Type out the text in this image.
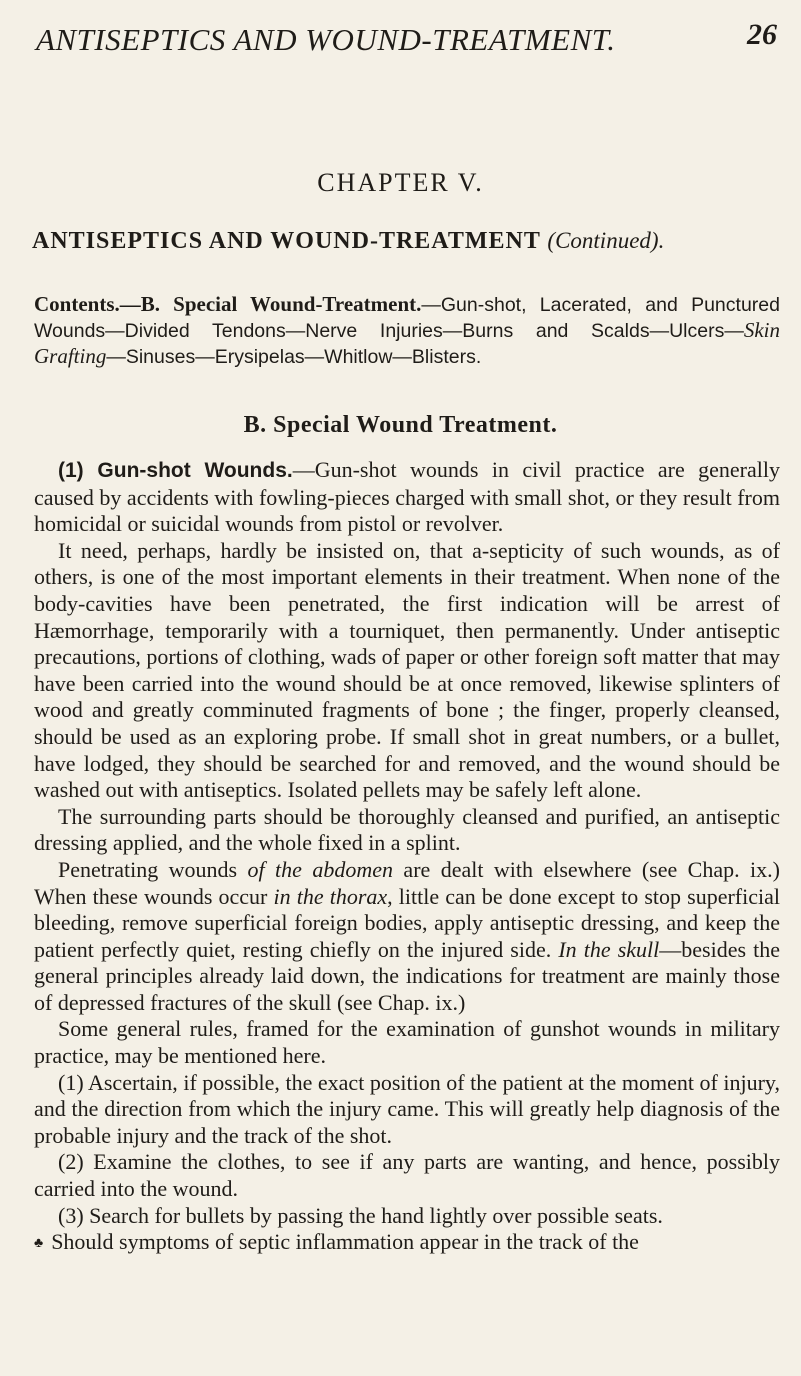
ANTISEPTICS AND WOUND-TREATMENT.	26
CHAPTER V.
ANTISEPTICS AND WOUND-TREATMENT (Continued).
Contents.—B. Special Wound-Treatment.—Gun-shot, Lacerated, and Punctured Wounds—Divided Tendons—Nerve Injuries—Burns and Scalds—Ulcers—Skin Grafting—Sinuses—Erysipelas—Whitlow—Blisters.
B. Special Wound Treatment.

(1) Gun-shot Wounds.—Gun-shot wounds in civil practice are generally caused by accidents with fowling-pieces charged with small shot, or they result from homicidal or suicidal wounds from pistol or revolver.

It need, perhaps, hardly be insisted on, that a-septicity of such wounds, as of others, is one of the most important elements in their treatment. When none of the body-cavities have been penetrated, the first indication will be arrest of Hæmorrhage, temporarily with a tourniquet, then permanently. Under antiseptic precautions, portions of clothing, wads of paper or other foreign soft matter that may have been carried into the wound should be at once removed, likewise splinters of wood and greatly comminuted fragments of bone ; the finger, properly cleansed, should be used as an exploring probe. If small shot in great numbers, or a bullet, have lodged, they should be searched for and removed, and the wound should be washed out with antiseptics. Isolated pellets may be safely left alone.

The surrounding parts should be thoroughly cleansed and purified, an antiseptic dressing applied, and the whole fixed in a splint.

Penetrating wounds of the abdomen are dealt with elsewhere (see Chap. ix.) When these wounds occur in the thorax, little can be done except to stop superficial bleeding, remove superficial foreign bodies, apply antiseptic dressing, and keep the patient perfectly quiet, resting chiefly on the injured side. In the skull—besides the general principles already laid down, the indications for treatment are mainly those of depressed fractures of the skull (see Chap. ix.)

Some general rules, framed for the examination of gunshot wounds in military practice, may be mentioned here.

(1) Ascertain, if possible, the exact position of the patient at the moment of injury, and the direction from which the injury came. This will greatly help diagnosis of the probable injury and the track of the shot.

(2) Examine the clothes, to see if any parts are wanting, and hence, possibly carried into the wound.

(3) Search for bullets by passing the hand lightly over possible seats.

♣ Should symptoms of septic inflammation appear in the track of the
